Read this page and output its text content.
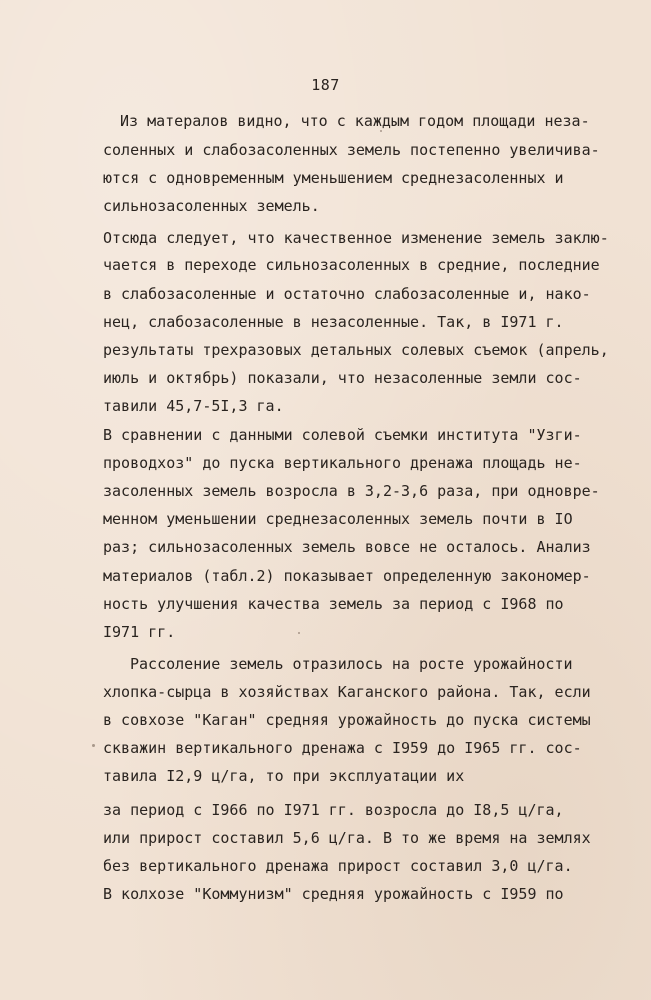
187
Из матерaлов видно, что с каждым годом площади неза-
соленных и слабозасоленных земель постепенно увеличива-
ются с одновременным уменьшением среднезасоленных и
сильнозасоленных земель.
Отсюда следует, что качественное изменение земель заклю-
чается в переходе сильнозасоленных в средние, последние
в слабозасоленные и остаточно слабозасоленные и, нако-
нец, слабозасоленные в незасоленные. Так, в I971 г.
результаты трехразовых детальных солевых съемок (апрель,
июль и октябрь) показали, что незасоленные земли сос-
тавили 45,7-5I,3 га.
В сравнении с данными солевой съемки института "Узги-
проводхоз" до пуска вертикального дренажа площадь не-
засоленных земель возросла в 3,2-3,6 раза, при одновре-
менном уменьшении среднезасоленных земель почти в IO
раз; сильнозасоленных земель вовсе не осталось. Анализ
материалов (табл.2) показывает определенную закономер-
ность улучшения качества земель за период с I968 по
I971 гг.
Рассоление земель отразилось на росте урожайности
хлопка-сырца в хозяйствах Каганского района. Так, если
в совхозе "Каган" средняя урожайность до пуска системы
скважин вертикального дренажа с I959 до I965 гг. сос-
тавила I2,9 ц/га, то при эксплуатации их
за период с I966 по I971 гг. возросла до I8,5 ц/га,
или прирост составил 5,6 ц/га. В то же время на землях
без вертикального дренажа прирост составил 3,0 ц/га.
В колхозе "Коммунизм" средняя урожайность с I959 по
